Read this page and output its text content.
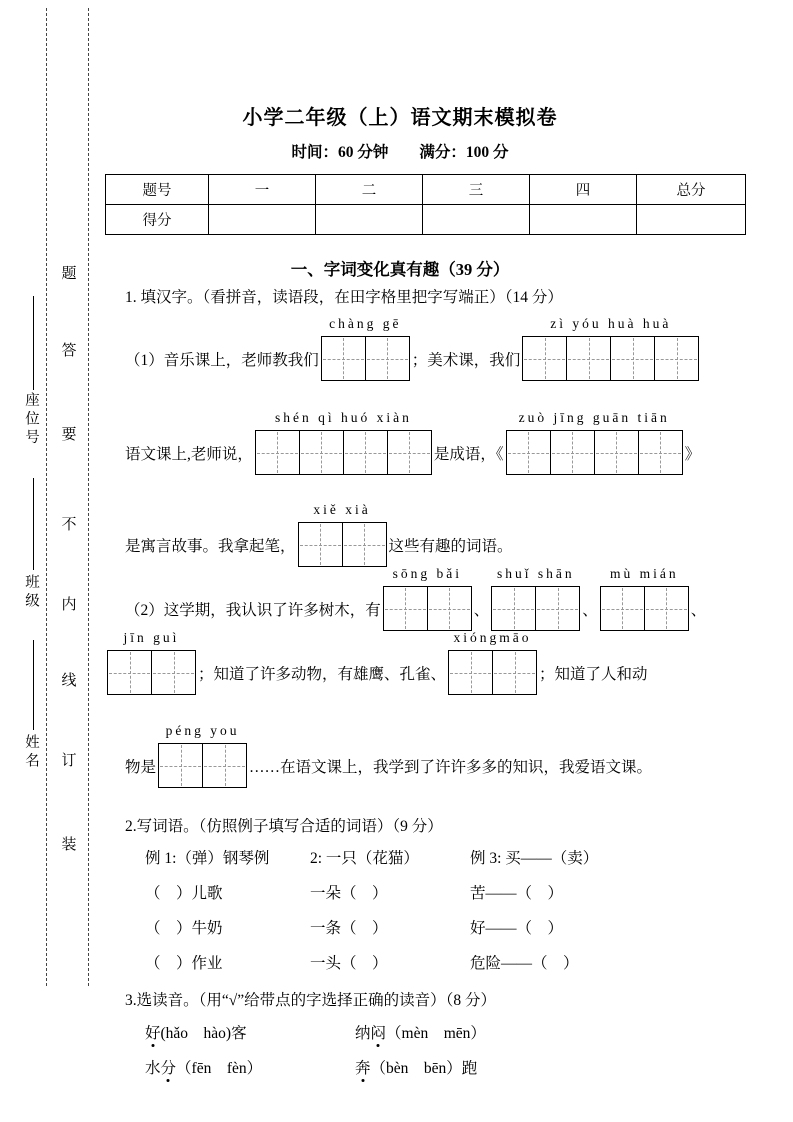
题
答
要
不
内
线
订
装
座位号
班级
姓名
小学二年级（上）语文期末模拟卷
时间：60 分钟　　满分：100 分
题号	一	二	三	四	总分
得分					
一、字词变化真有趣（39 分）
1. 填汉字。（看拼音，读语段，在田字格里把字写端正）（14 分）
（1）音乐课上，老师教我们
chàng gē
；美术课，我们
zì yóu huà huà
语文课上,老师说，
shén qì huó xiàn
是成语，《
zuò jīng guān tiān
》
是寓言故事。我拿起笔，
xiě xià
这些有趣的词语。
（2）这学期，我认识了许多树木，有
sōng bǎi
、
shuǐ shān
、
mù mián
、
jīn guì
；知道了许多动物，有雄鹰、孔雀、
xióngmāo
；知道了人和动
物是
péng you
……在语文课上，我学到了许许多多的知识，我爱语文课。
2.写词语。（仿照例子填写合适的词语）（9 分）
例 1:（弹）钢琴例	2: 一只（花猫）	例 3: 买——（卖）
（　）儿歌	一朵（　）	苦——（　）
（　）牛奶	一条（　）	好——（　）
（　）作业	一头（　）	危险——（　）
3.选读音。（用“√”给带点的字选择正确的读音）（8 分）
好(hǎo　hào)客	纳闷（mèn　mēn）
水分（fēn　fèn）	奔（bèn　bēn）跑
